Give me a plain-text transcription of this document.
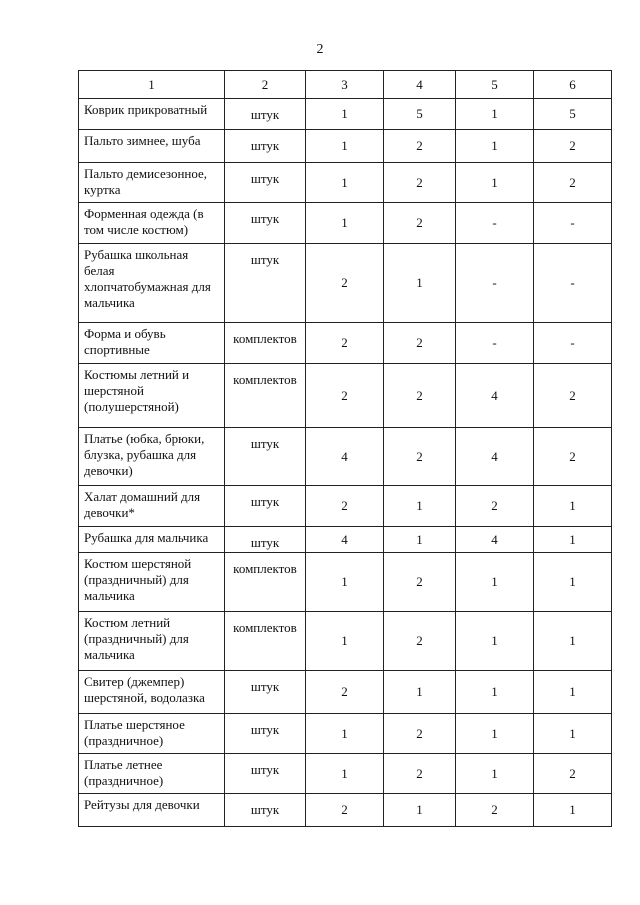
2
1	2	3	4	5	6
Коврик прикроватный	штук	1	5	1	5
Пальто зимнее, шуба	штук	1	2	1	2
Пальто демисезонное, куртка	штук	1	2	1	2
Форменная одежда (в том числе костюм)	штук	1	2	-	-
Рубашка школьная белая хлопчатобумажная для мальчика	штук	2	1	-	-
Форма и обувь спортивные	комплектов	2	2	-	-
Костюмы летний и шерстяной (полушерстяной)	комплектов	2	2	4	2
Платье (юбка, брюки, блузка, рубашка для девочки)	штук	4	2	4	2
Халат домашний для девочки*	штук	2	1	2	1
Рубашка для мальчика	штук	4	1	4	1
Костюм шерстяной (праздничный) для мальчика	комплектов	1	2	1	1
Костюм летний (праздничный) для мальчика	комплектов	1	2	1	1
Свитер (джемпер) шерстяной, водолазка	штук	2	1	1	1
Платье шерстяное (праздничное)	штук	1	2	1	1
Платье летнее (праздничное)	штук	1	2	1	2
Рейтузы для девочки	штук	2	1	2	1
